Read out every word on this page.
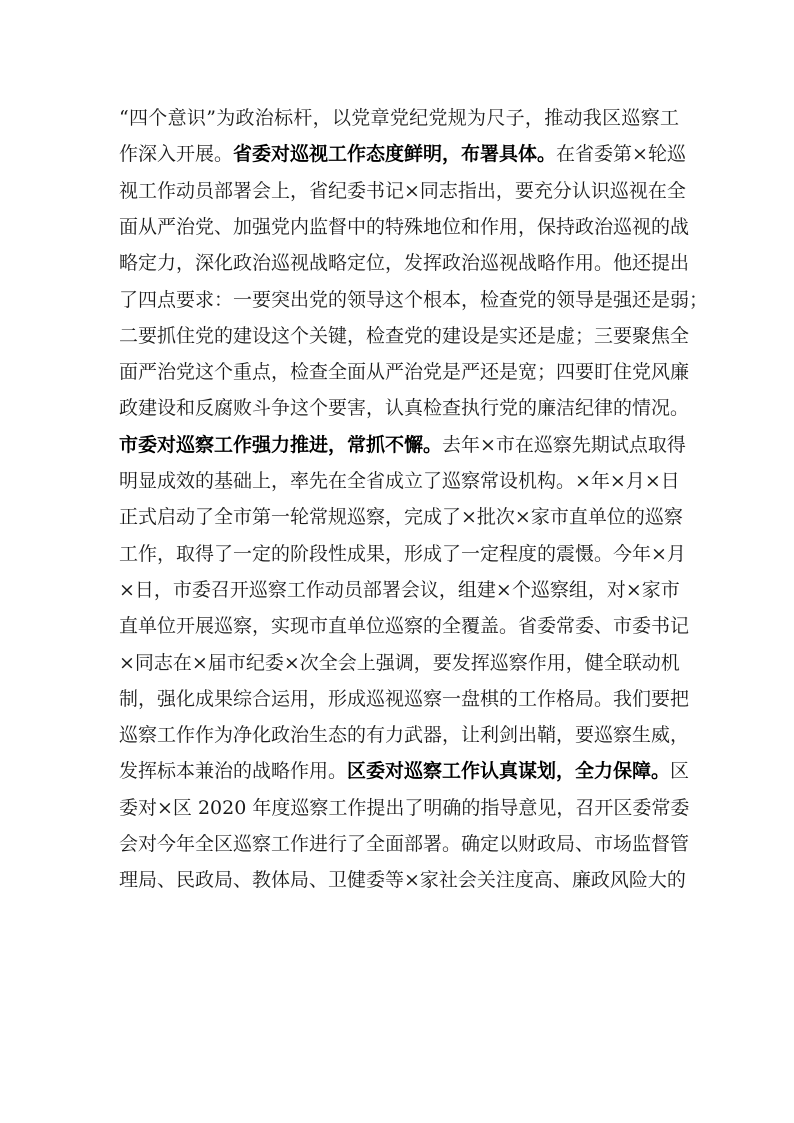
“四个意识”为政治标杆，以党章党纪党规为尺子，推动我区巡察工
作深入开展。省委对巡视工作态度鲜明，布署具体。在省委第×轮巡
视工作动员部署会上，省纪委书记×同志指出，要充分认识巡视在全
面从严治党、加强党内监督中的特殊地位和作用，保持政治巡视的战
略定力，深化政治巡视战略定位，发挥政治巡视战略作用。他还提出
了四点要求：一要突出党的领导这个根本，检查党的领导是强还是弱；
二要抓住党的建设这个关键，检查党的建设是实还是虚；三要聚焦全
面严治党这个重点，检查全面从严治党是严还是宽；四要盯住党风廉
政建设和反腐败斗争这个要害，认真检查执行党的廉洁纪律的情况。
市委对巡察工作强力推进，常抓不懈。去年×市在巡察先期试点取得
明显成效的基础上，率先在全省成立了巡察常设机构。×年×月×日
正式启动了全市第一轮常规巡察，完成了×批次×家市直单位的巡察
工作，取得了一定的阶段性成果，形成了一定程度的震慑。今年×月
×日，市委召开巡察工作动员部署会议，组建×个巡察组，对×家市
直单位开展巡察，实现市直单位巡察的全覆盖。省委常委、市委书记
×同志在×届市纪委×次全会上强调，要发挥巡察作用，健全联动机
制，强化成果综合运用，形成巡视巡察一盘棋的工作格局。我们要把
巡察工作作为净化政治生态的有力武器，让利剑出鞘，要巡察生威，
发挥标本兼治的战略作用。区委对巡察工作认真谋划，全力保障。区
委对×区 2020 年度巡察工作提出了明确的指导意见，召开区委常委
会对今年全区巡察工作进行了全面部署。确定以财政局、市场监督管
理局、民政局、教体局、卫健委等×家社会关注度高、廉政风险大的
